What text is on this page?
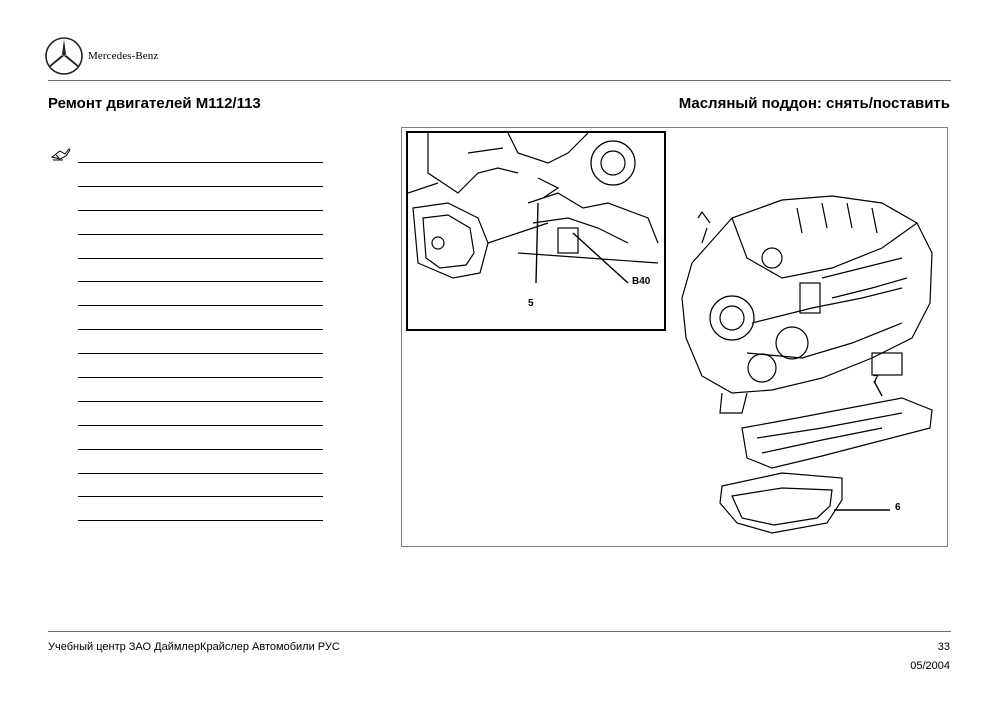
Mercedes-Benz
Ремонт двигателей М112/113	Масляный поддон: снять/поставить
7
6
5
B40
Учебный центр ЗАО ДаймлерКрайслер Автомобили РУС	33
05/2004
